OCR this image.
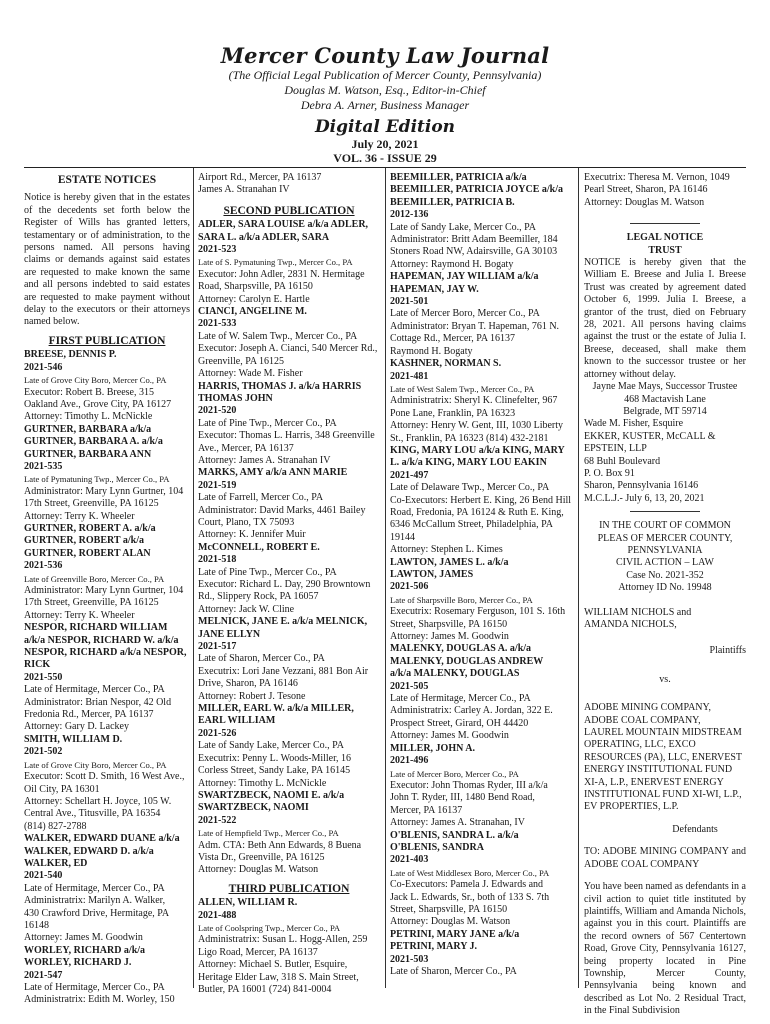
Mercer County Law Journal
(The Official Legal Publication of Mercer County, Pennsylvania)
Douglas M. Watson, Esq., Editor-in-Chief
Debra A. Arner, Business Manager
Digital Edition
July 20, 2021
VOL. 36 - ISSUE 29
ESTATE NOTICES
Notice is hereby given that in the estates of the decedents set forth below the Register of Wills has granted letters, testamentary or of administration, to the persons named. All persons having claims or demands against said estates are requested to make known the same and all persons indebted to said estates are requested to make payment without delay to the executors or their attorneys named below.
FIRST PUBLICATION
BREESE, DENNIS P.
2021-546
Late of Grove City Boro, Mercer Co., PA
Executor: Robert B. Breese, 315
Oakland Ave., Grove City, PA 16127
Attorney: Timothy L. McNickle
GURTNER, BARBARA a/k/a
GURTNER, BARBARA A. a/k/a
GURTNER, BARBARA ANN
2021-535
Late of Pymatuning Twp., Mercer Co., PA
Administrator: Mary Lynn Gurtner, 104
17th Street, Greenville, PA 16125
Attorney: Terry K. Wheeler
GURTNER, ROBERT A. a/k/a
GURTNER, ROBERT a/k/a
GURTNER, ROBERT ALAN
2021-536
Late of Greenville Boro, Mercer Co., PA
Administrator: Mary Lynn Gurtner, 104
17th Street, Greenville, PA 16125
Attorney: Terry K. Wheeler
NESPOR, RICHARD WILLIAM
a/k/a NESPOR, RICHARD W. a/k/a
NESPOR, RICHARD a/k/a NESPOR,
RICK
2021-550
Late of Hermitage, Mercer Co., PA
Administrator: Brian Nespor, 42 Old
Fredonia Rd., Mercer, PA 16137
Attorney: Gary D. Lackey
SMITH, WILLIAM D.
2021-502
Late of Grove City Boro, Mercer Co., PA
Executor: Scott D. Smith, 16 West Ave.,
Oil City, PA 16301
Attorney: Schellart H. Joyce, 105 W.
Central Ave., Titusville, PA 16354
(814) 827-2788
WALKER, EDWARD DUANE a/k/a
WALKER, EDWARD D. a/k/a
WALKER, ED
2021-540
Late of Hermitage, Mercer Co., PA
Administratrix: Marilyn A. Walker,
430 Crawford Drive, Hermitage, PA
16148
Attorney: James M. Goodwin
WORLEY, RICHARD a/k/a
WORLEY, RICHARD J.
2021-547
Late of Hermitage, Mercer Co., PA
Administratrix: Edith M. Worley, 150
Airport Rd., Mercer, PA 16137
James A. Stranahan IV
SECOND PUBLICATION
ADLER, SARA LOUISE a/k/a ADLER,
SARA L. a/k/a ADLER, SARA
2021-523
Late of S. Pymatuning Twp., Mercer Co., PA
Executor: John Adler, 2831 N. Hermitage
Road, Sharpsville, PA 16150
Attorney: Carolyn E. Hartle
CIANCI, ANGELINE M.
2021-533
Late of W. Salem Twp., Mercer Co., PA
Executor: Joseph A. Cianci, 540 Mercer Rd.,
Greenville, PA 16125
Attorney: Wade M. Fisher
HARRIS, THOMAS J. a/k/a HARRIS
THOMAS JOHN
2021-520
Late of Pine Twp., Mercer Co., PA
Executor: Thomas L. Harris, 348 Greenville
Ave., Mercer, PA 16137
Attorney: James A. Stranahan IV
MARKS, AMY a/k/a ANN MARIE
2021-519
Late of Farrell, Mercer Co., PA
Administrator: David Marks, 4461 Bailey
Court, Plano, TX 75093
Attorney: K. Jennifer Muir
McCONNELL, ROBERT E.
2021-518
Late of Pine Twp., Mercer Co., PA
Executor: Richard L. Day, 290 Browntown
Rd., Slippery Rock, PA 16057
Attorney: Jack W. Cline
MELNICK, JANE E. a/k/a MELNICK,
JANE ELLYN
2021-517
Late of Sharon, Mercer Co., PA
Executrix: Lori Jane Vezzani, 881 Bon Air
Drive, Sharon, PA 16146
Attorney: Robert J. Tesone
MILLER, EARL W. a/k/a MILLER,
EARL WILLIAM
2021-526
Late of Sandy Lake, Mercer Co., PA
Executrix: Penny L. Woods-Miller, 16
Corless Street, Sandy Lake, PA 16145
Attorney: Timothy L. McNickle
SWARTZBECK, NAOMI E. a/k/a
SWARTZBECK, NAOMI
2021-522
Late of Hempfield Twp., Mercer Co., PA
Adm. CTA: Beth Ann Edwards, 8 Buena
Vista Dr., Greenville, PA 16125
Attorney: Douglas M. Watson
THIRD PUBLICATION
ALLEN, WILLIAM R.
2021-488
Late of Coolspring Twp., Mercer Co., PA
Administratrix: Susan L. Hogg-Allen, 259
Ligo Road, Mercer, PA 16137
Attorney: Michael S. Butler, Esquire,
Heritage Elder Law, 318 S. Main Street,
Butler, PA 16001 (724) 841-0004
BEEMILLER, PATRICIA a/k/a
BEEMILLER, PATRICIA JOYCE a/k/a
BEEMILLER, PATRICIA B.
2012-136
Late of Sandy Lake, Mercer Co., PA
Administrator: Britt Adam Beemiller, 184
Stoners Road NW, Adairsville, GA 30103
Attorney: Raymond H. Bogaty
HAPEMAN, JAY WILLIAM a/k/a
HAPEMAN, JAY W.
2021-501
Late of Mercer Boro, Mercer Co., PA
Administrator: Bryan T. Hapeman, 761 N.
Cottage Rd., Mercer, PA 16137
Raymond H. Bogaty
KASHNER, NORMAN S.
2021-481
Late of West Salem Twp., Mercer Co., PA
Administratrix: Sheryl K. Clinefelter, 967
Pone Lane, Franklin, PA 16323
Attorney: Henry W. Gent, III, 1030 Liberty
St., Franklin, PA 16323 (814) 432-2181
KING, MARY LOU a/k/a KING, MARY
L. a/k/a KING, MARY LOU EAKIN
2021-497
Late of Delaware Twp., Mercer Co., PA
Co-Executors: Herbert E. King, 26 Bend Hill
Road, Fredonia, PA 16124 & Ruth E. King,
6346 McCallum Street, Philadelphia, PA
19144
Attorney: Stephen L. Kimes
LAWTON, JAMES L. a/k/a
LAWTON, JAMES
2021-506
Late of Sharpsville Boro, Mercer Co., PA
Executrix: Rosemary Ferguson, 101 S. 16th
Street, Sharpsville, PA 16150
Attorney: James M. Goodwin
MALENKY, DOUGLAS A. a/k/a
MALENKY, DOUGLAS ANDREW
a/k/a MALENKY, DOUGLAS
2021-505
Late of Hermitage, Mercer Co., PA
Administratrix: Carley A. Jordan, 322 E.
Prospect Street, Girard, OH 44420
Attorney: James M. Goodwin
MILLER, JOHN A.
2021-496
Late of Mercer Boro, Mercer Co., PA
Executor: John Thomas Ryder, III a/k/a
John T. Ryder, III, 1480 Bend Road,
Mercer, PA 16137
Attorney: James A. Stranahan, IV
O'BLENIS, SANDRA L. a/k/a
O'BLENIS, SANDRA
2021-403
Late of West Middlesex Boro, Mercer Co., PA
Co-Executors: Pamela J. Edwards and
Jack L. Edwards, Sr., both of 133 S. 7th
Street, Sharpsville, PA 16150
Attorney: Douglas M. Watson
PETRINI, MARY JANE a/k/a
PETRINI, MARY J.
2021-503
Late of Sharon, Mercer Co., PA
Executrix: Theresa M. Vernon, 1049
Pearl Street, Sharon, PA 16146
Attorney: Douglas M. Watson
LEGAL NOTICE
TRUST
NOTICE is hereby given that the William E. Breese and Julia I. Breese Trust was created by agreement dated October 6, 1999. Julia I. Breese, a grantor of the trust, died on February 28, 2021. All persons having claims against the trust or the estate of Julia I. Breese, deceased, shall make them known to the successor trustee or her attorney without delay.
Jayne Mae Mays, Successor Trustee
468 Mactavish Lane
Belgrade, MT 59714
Wade M. Fisher, Esquire
EKKER, KUSTER, McCALL &
EPSTEIN, LLP
68 Buhl Boulevard
P. O. Box 91
Sharon, Pennsylvania 16146
M.C.L.J.- July 6, 13, 20, 2021
IN THE COURT OF COMMON
PLEAS OF MERCER COUNTY,
PENNSYLVANIA
CIVIL ACTION – LAW
Case No. 2021-352
Attorney ID No. 19948
WILLIAM NICHOLS and
AMANDA NICHOLS,
Plaintiffs
vs.
ADOBE MINING COMPANY,
ADOBE COAL COMPANY,
LAUREL MOUNTAIN MIDSTREAM
OPERATING, LLC, EXCO
RESOURCES (PA), LLC, ENERVEST
ENERGY INSTITUTIONAL FUND
XI-A, L.P., ENERVEST ENERGY
INSTITUTIONAL FUND XI-WI, L.P.,
EV PROPERTIES, L.P.
Defendants
TO: ADOBE MINING COMPANY and ADOBE COAL COMPANY
You have been named as defendants in a civil action to quiet title instituted by plaintiffs, William and Amanda Nichols, against you in this court. Plaintiffs are the record owners of 567 Centertown Road, Grove City, Pennsylvania 16127, being property located in Pine Township, Mercer County, Pennsylvania being known and described as Lot No. 2 Residual Tract, in the Final Subdivision
